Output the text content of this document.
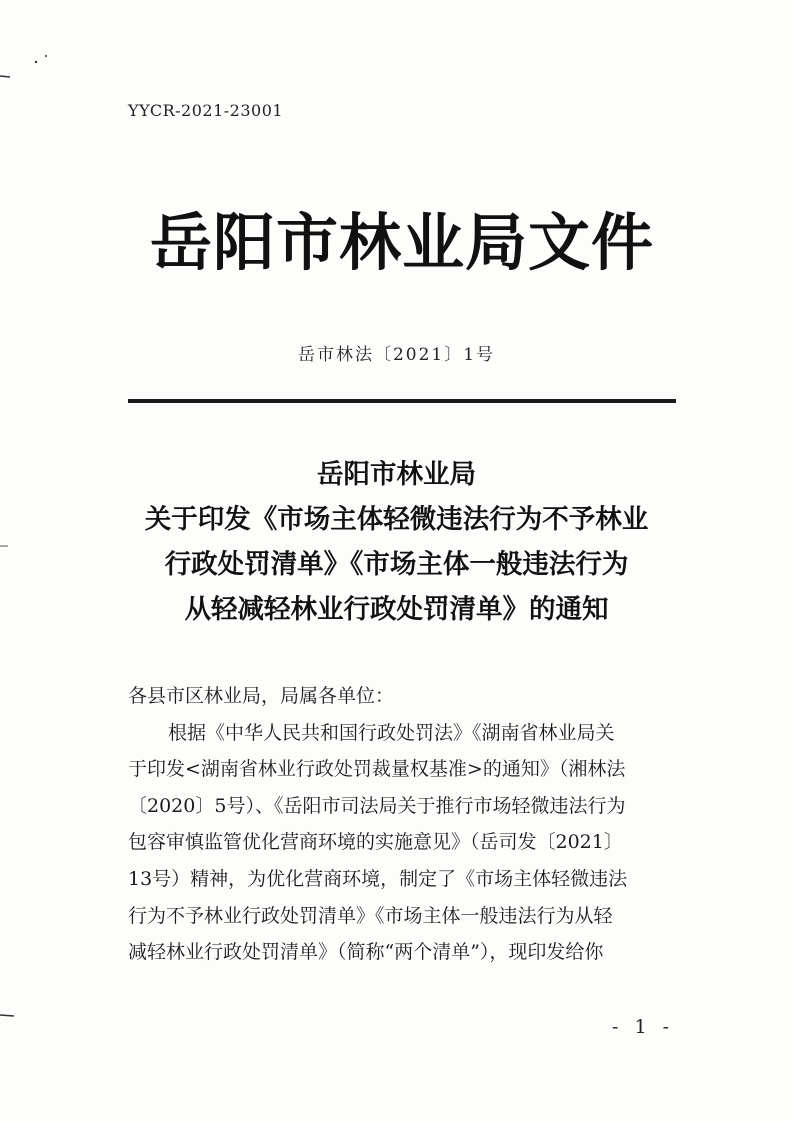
YYCR-2021-23001
岳阳市林业局文件
岳市林法〔2021〕1号
岳阳市林业局
关于印发《市场主体轻微违法行为不予林业
行政处罚清单》《市场主体一般违法行为
从轻减轻林业行政处罚清单》的通知

各县市区林业局，局属各单位：

根据《中华人民共和国行政处罚法》《湖南省林业局关

于印发<湖南省林业行政处罚裁量权基准>的通知》（湘林法

〔2020〕5号）、《岳阳市司法局关于推行市场轻微违法行为

包容审慎监管优化营商环境的实施意见》（岳司发〔2021〕

13号）精神，为优化营商环境，制定了《市场主体轻微违法

行为不予林业行政处罚清单》《市场主体一般违法行为从轻

减轻林业行政处罚清单》（简称“两个清单”），现印发给你

- 1 -
